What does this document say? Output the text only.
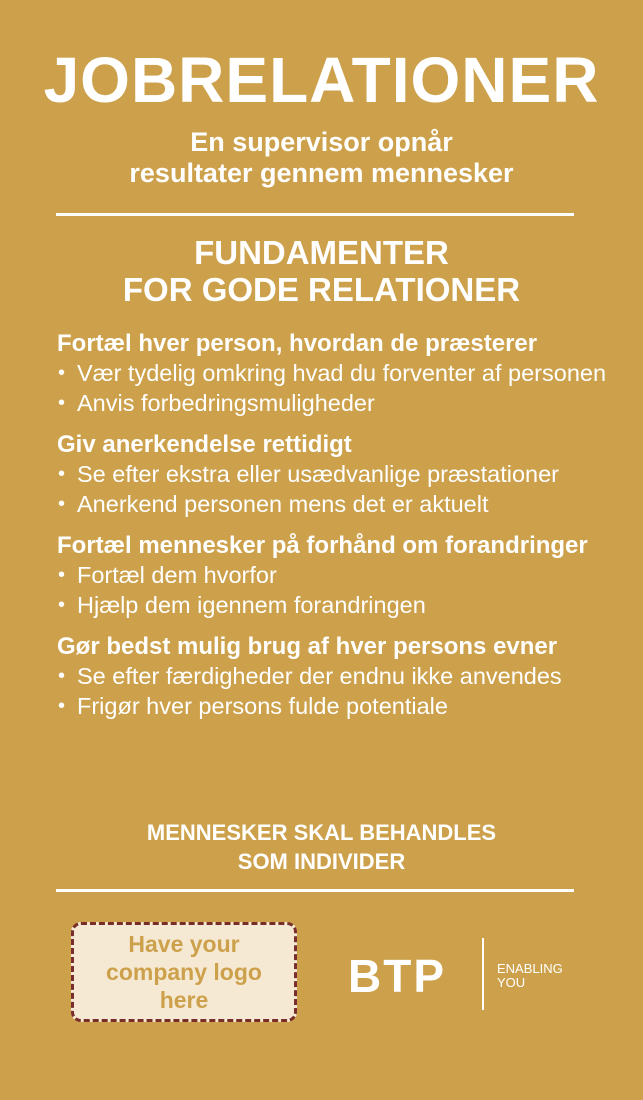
JOBRELATIONER
En supervisor opnår
resultater gennem mennesker
FUNDAMENTER
FOR GODE RELATIONER
Fortæl hver person, hvordan de præsterer
• Vær tydelig omkring hvad du forventer af personen
• Anvis forbedringsmuligheder
Giv anerkendelse rettidigt
• Se efter ekstra eller usædvanlige præstationer
• Anerkend personen mens det er aktuelt
Fortæl mennesker på forhånd om forandringer
• Fortæl dem hvorfor
• Hjælp dem igennem forandringen
Gør bedst mulig brug af hver persons evner
• Se efter færdigheder der endnu ikke anvendes
• Frigør hver persons fulde potentiale
MENNESKER SKAL BEHANDLES
SOM INDIVIDER
Have your
company logo
here	BTP	ENABLING
YOU
